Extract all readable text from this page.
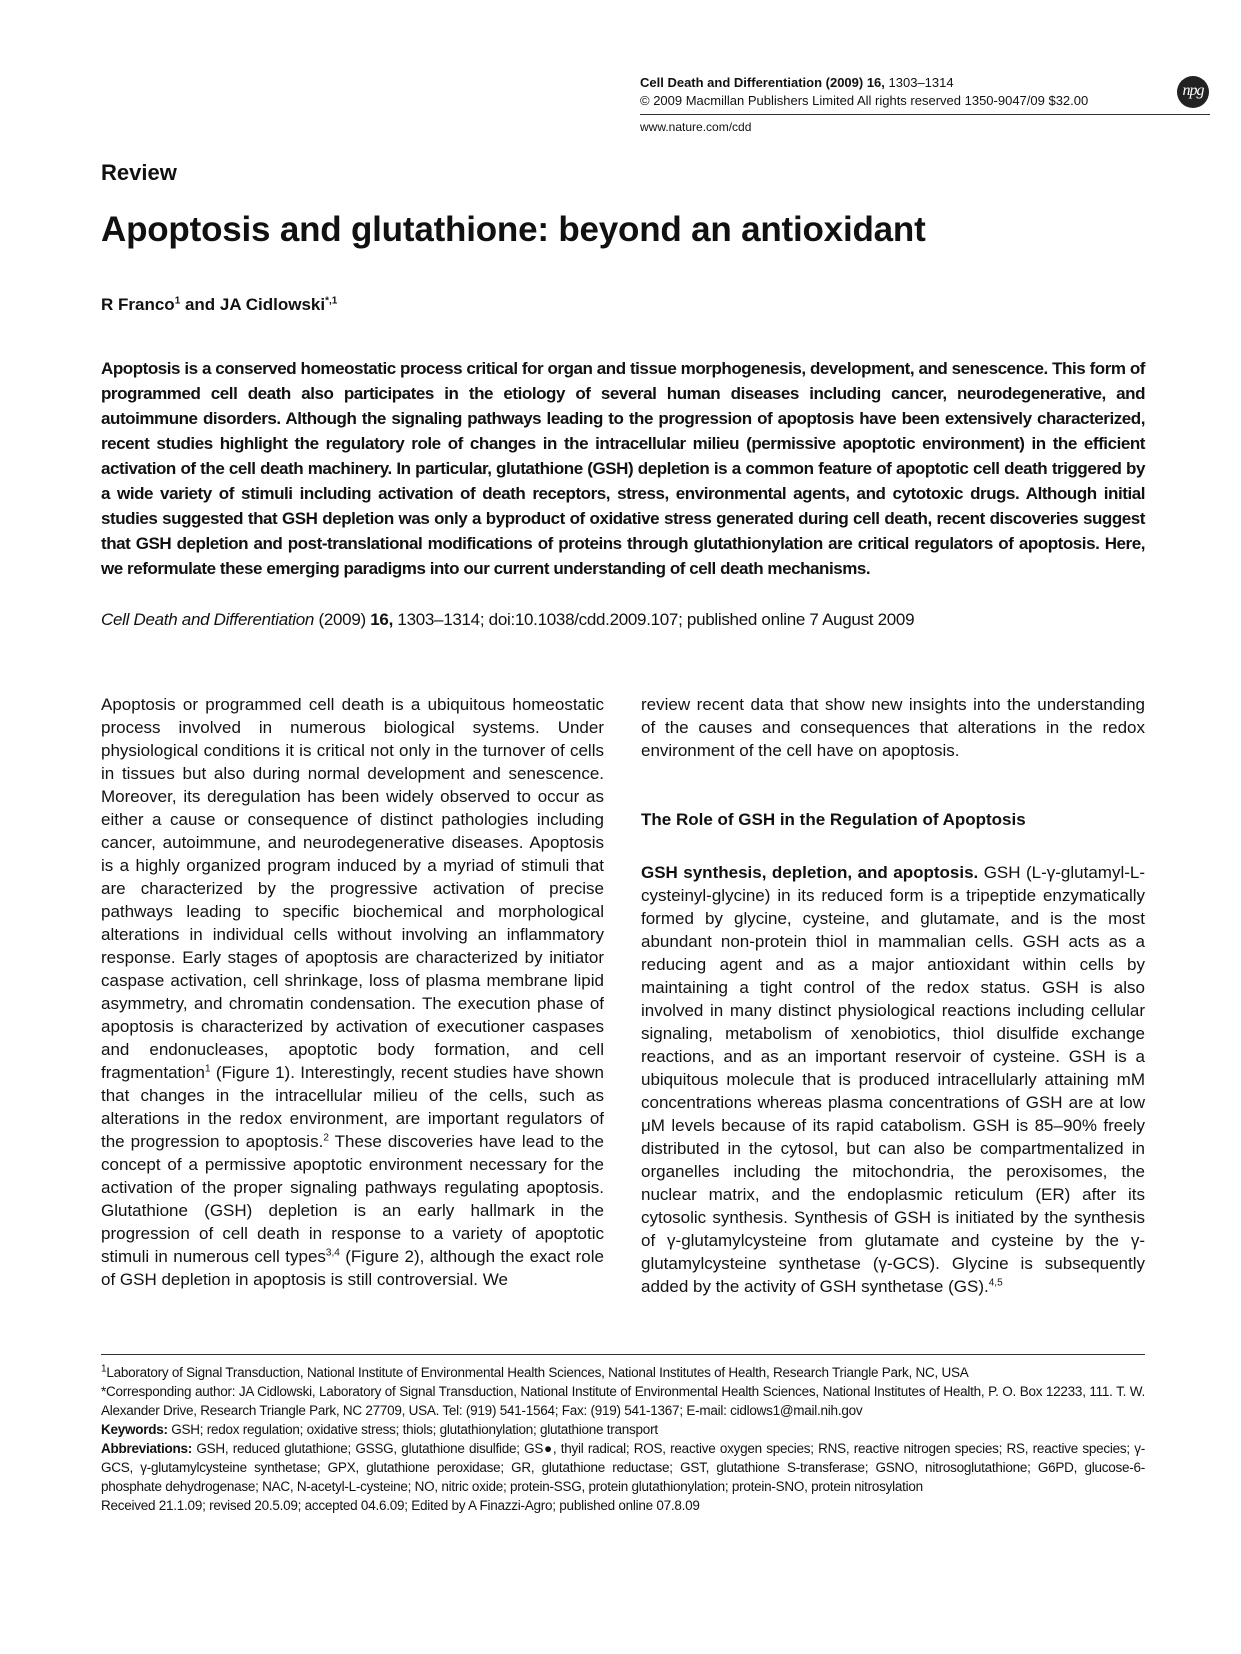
Cell Death and Differentiation (2009) 16, 1303–1314
© 2009 Macmillan Publishers Limited All rights reserved 1350-9047/09 $32.00
www.nature.com/cdd
npg
Review
Apoptosis and glutathione: beyond an antioxidant
R Franco$^1$ and JA Cidlowski$^{*,1}$
Apoptosis is a conserved homeostatic process critical for organ and tissue morphogenesis, development, and senescence. This form of programmed cell death also participates in the etiology of several human diseases including cancer, neurodegenerative, and autoimmune disorders. Although the signaling pathways leading to the progression of apoptosis have been extensively characterized, recent studies highlight the regulatory role of changes in the intracellular milieu (permissive apoptotic environment) in the efficient activation of the cell death machinery. In particular, glutathione (GSH) depletion is a common feature of apoptotic cell death triggered by a wide variety of stimuli including activation of death receptors, stress, environmental agents, and cytotoxic drugs. Although initial studies suggested that GSH depletion was only a byproduct of oxidative stress generated during cell death, recent discoveries suggest that GSH depletion and post-translational modifications of proteins through glutathionylation are critical regulators of apoptosis. Here, we reformulate these emerging paradigms into our current understanding of cell death mechanisms.
Cell Death and Differentiation (2009) 16, 1303–1314; doi:10.1038/cdd.2009.107; published online 7 August 2009

Apoptosis or programmed cell death is a ubiquitous homeostatic process involved in numerous biological systems. Under physiological conditions it is critical not only in the turnover of cells in tissues but also during normal development and senescence. Moreover, its deregulation has been widely observed to occur as either a cause or consequence of distinct pathologies including cancer, autoimmune, and neurodegenerative diseases. Apoptosis is a highly organized program induced by a myriad of stimuli that are characterized by the progressive activation of precise pathways leading to specific biochemical and morphological alterations in individual cells without involving an inflammatory response. Early stages of apoptosis are characterized by initiator caspase activation, cell shrinkage, loss of plasma membrane lipid asymmetry, and chromatin condensation. The execution phase of apoptosis is characterized by activation of executioner caspases and endonucleases, apoptotic body formation, and cell fragmentation$^1$ (Figure 1). Interestingly, recent studies have shown that changes in the intracellular milieu of the cells, such as alterations in the redox environment, are important regulators of the progression to apoptosis.$^2$ These discoveries have lead to the concept of a permissive apoptotic environment necessary for the activation of the proper signaling pathways regulating apoptosis. Glutathione (GSH) depletion is an early hallmark in the progression of cell death in response to a variety of apoptotic stimuli in numerous cell types$^{3,4}$ (Figure 2), although the exact role of GSH depletion in apoptosis is still controversial. We

review recent data that show new insights into the understanding of the causes and consequences that alterations in the redox environment of the cell have on apoptosis.

The Role of GSH in the Regulation of Apoptosis

GSH synthesis, depletion, and apoptosis. GSH (L-γ-glutamyl-L-cysteinyl-glycine) in its reduced form is a tripeptide enzymatically formed by glycine, cysteine, and glutamate, and is the most abundant non-protein thiol in mammalian cells. GSH acts as a reducing agent and as a major antioxidant within cells by maintaining a tight control of the redox status. GSH is also involved in many distinct physiological reactions including cellular signaling, metabolism of xenobiotics, thiol disulfide exchange reactions, and as an important reservoir of cysteine. GSH is a ubiquitous molecule that is produced intracellularly attaining mM concentrations whereas plasma concentrations of GSH are at low μM levels because of its rapid catabolism. GSH is 85–90% freely distributed in the cytosol, but can also be compartmentalized in organelles including the mitochondria, the peroxisomes, the nuclear matrix, and the endoplasmic reticulum (ER) after its cytosolic synthesis. Synthesis of GSH is initiated by the synthesis of γ-glutamylcysteine from glutamate and cysteine by the γ-glutamylcysteine synthetase (γ-GCS). Glycine is subsequently added by the activity of GSH synthetase (GS).$^{4,5}$

$^1$Laboratory of Signal Transduction, National Institute of Environmental Health Sciences, National Institutes of Health, Research Triangle Park, NC, USA

*Corresponding author: JA Cidlowski, Laboratory of Signal Transduction, National Institute of Environmental Health Sciences, National Institutes of Health, P. O. Box 12233, 111. T. W. Alexander Drive, Research Triangle Park, NC 27709, USA. Tel: (919) 541-1564; Fax: (919) 541-1367; E-mail: cidlows1@mail.nih.gov

Keywords: GSH; redox regulation; oxidative stress; thiols; glutathionylation; glutathione transport

Abbreviations: GSH, reduced glutathione; GSSG, glutathione disulfide; GS●, thyil radical; ROS, reactive oxygen species; RNS, reactive nitrogen species; RS, reactive species; γ-GCS, γ-glutamylcysteine synthetase; GPX, glutathione peroxidase; GR, glutathione reductase; GST, glutathione S-transferase; GSNO, nitrosoglutathione; G6PD, glucose-6-phosphate dehydrogenase; NAC, N-acetyl-L-cysteine; NO, nitric oxide; protein-SSG, protein glutathionylation; protein-SNO, protein nitrosylation

Received 21.1.09; revised 20.5.09; accepted 04.6.09; Edited by A Finazzi-Agro; published online 07.8.09
